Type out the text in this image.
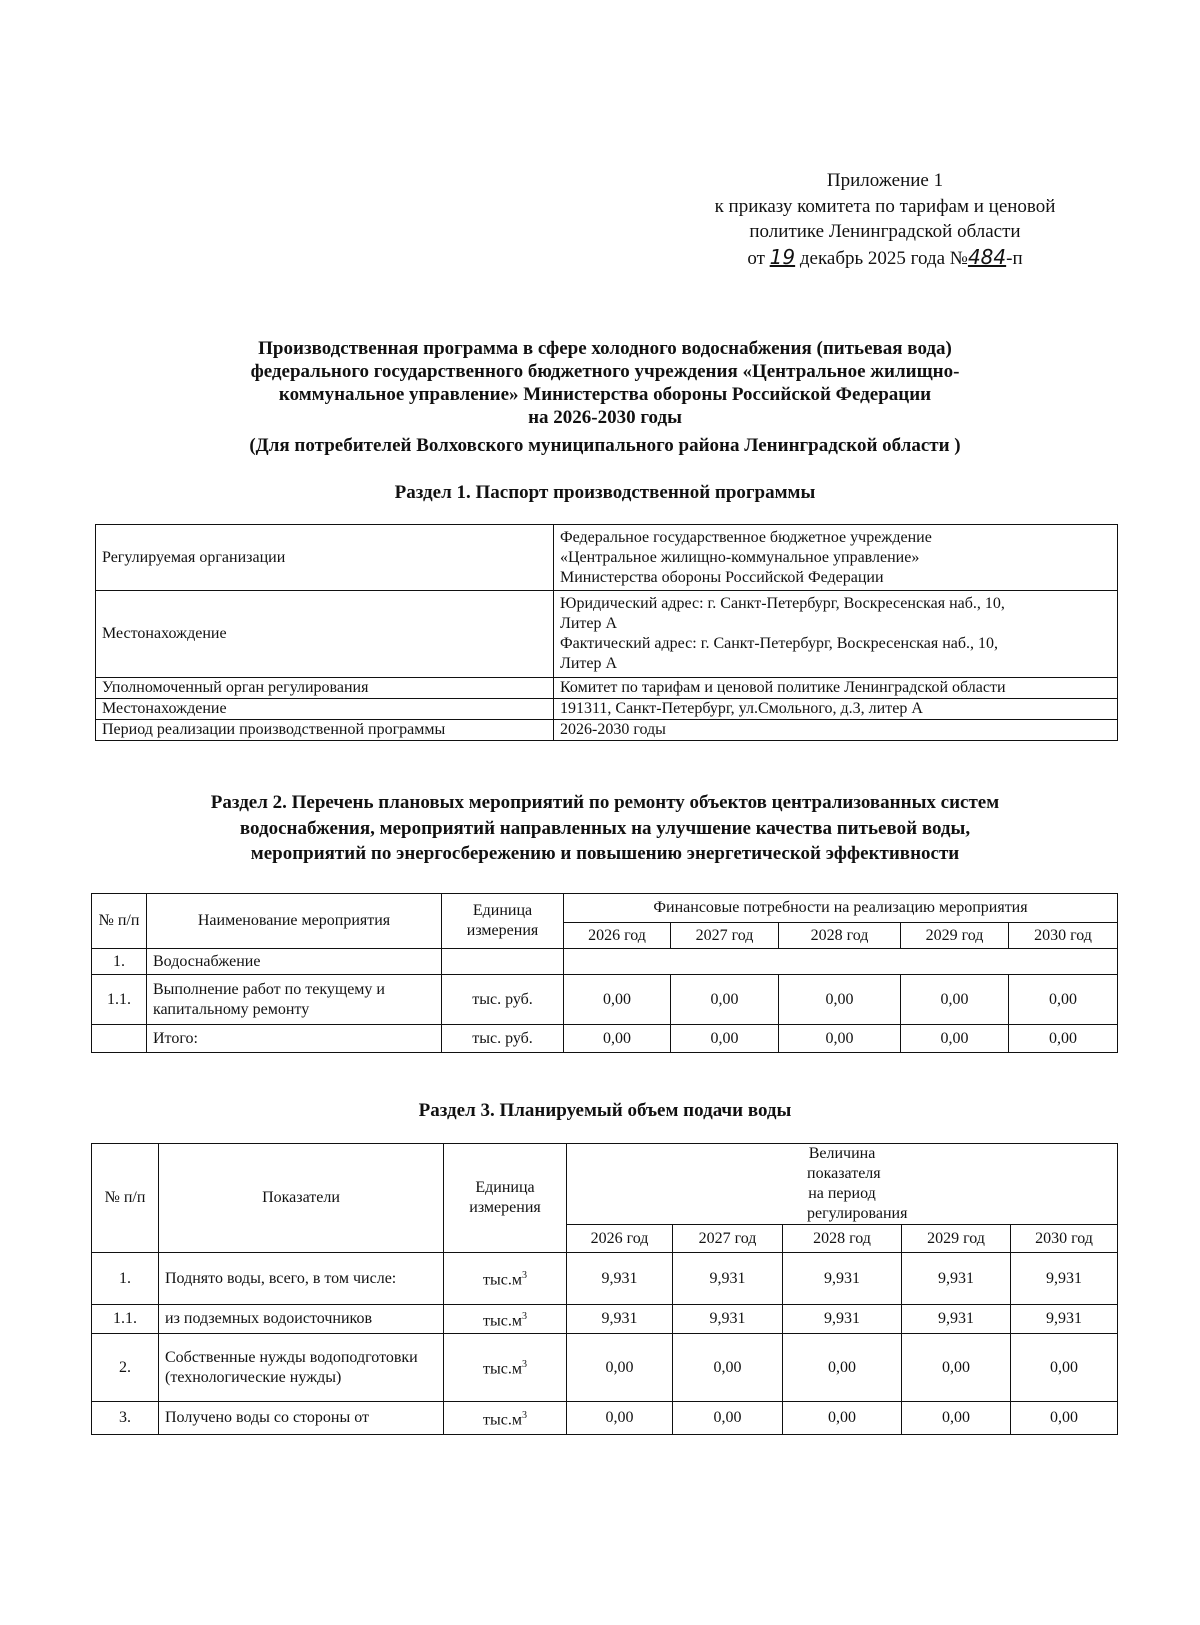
Приложение 1
к приказу комитета по тарифам и ценовой
политике Ленинградской области
от 19 декабрь 2025 года №484-п
Производственная программа в сфере холодного водоснабжения (питьевая вода)
федерального государственного бюджетного учреждения «Центральное жилищно-
коммунальное управление» Министерства обороны Российской Федерации
на 2026-2030 годы
(Для потребителей Волховского муниципального района Ленинградской области )
Раздел 1. Паспорт производственной программы
Регулируемая организации	Федеральное государственное бюджетное учреждение
«Центральное жилищно-коммунальное управление»
Министерства обороны Российской Федерации

Местонахождение	Юридический адрес: г. Санкт-Петербург, Воскресенская наб., 10,
Литер А
Фактический адрес: г. Санкт-Петербург, Воскресенская наб., 10,
Литер А

Уполномоченный орган регулирования	Комитет по тарифам и ценовой политике Ленинградской области
Местонахождение	191311, Санкт-Петербург, ул.Смольного, д.3, литер А
Период реализации производственной программы	2026-2030 годы
Раздел 2. Перечень плановых мероприятий по ремонту объектов централизованных систем
водоснабжения, мероприятий направленных на улучшение качества питьевой воды,
мероприятий по энергосбережению и повышению энергетической эффективности
№ п/п	Наименование мероприятия	Единица измерения	Финансовые потребности на реализацию мероприятия				
			2026 год	2027 год	2028 год	2029 год	2030 год
1.	Водоснабжение						
1.1.	Выполнение работ по текущему и капитальному ремонту	тыс. руб.	0,00	0,00	0,00	0,00	0,00
	Итого:	тыс. руб.	0,00	0,00	0,00	0,00	0,00
Раздел 3. Планируемый объем подачи воды
№ п/п	Показатели	Единица измерения	Величина показателя на период регулирования				
			2026 год	2027 год	2028 год	2029 год	2030 год
1.	Поднято воды, всего, в том числе:	$тыс.м^3$	9,931	9,931	9,931	9,931	9,931
1.1.	из подземных водоисточников	$тыс.м^3$	9,931	9,931	9,931	9,931	9,931
2.	Собственные нужды водоподготовки (технологические нужды)	$тыс.м^3$	0,00	0,00	0,00	0,00	0,00
3.	Получено воды со стороны от	$тыс.м^3$	0,00	0,00	0,00	0,00	0,00
